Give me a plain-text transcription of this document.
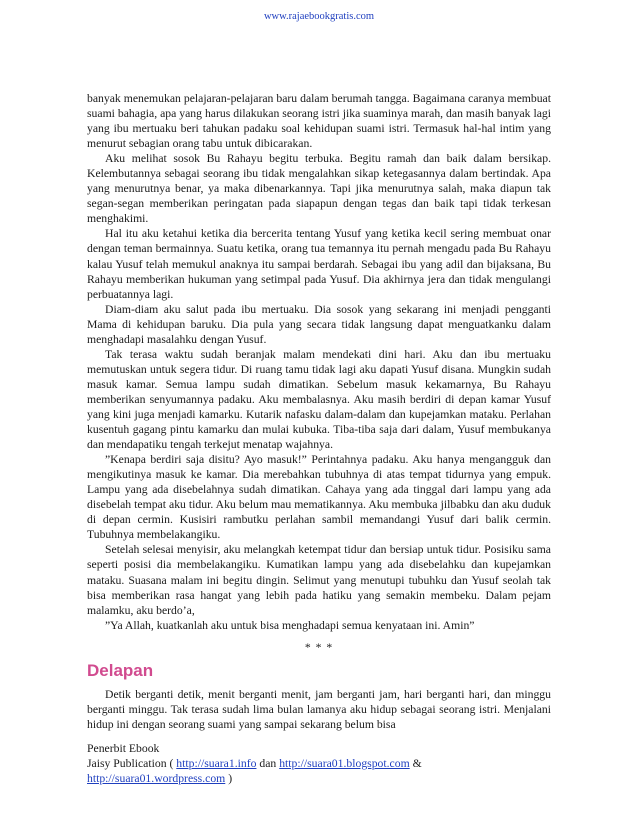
www.rajaebookgratis.com

banyak menemukan pelajaran-pelajaran baru dalam berumah tangga. Bagaimana caranya membuat suami bahagia, apa yang harus dilakukan seorang istri jika suaminya marah, dan masih banyak lagi yang ibu mertuaku beri tahukan padaku soal kehidupan suami istri. Termasuk hal-hal intim yang menurut sebagian orang tabu untuk dibicarakan.

Aku melihat sosok Bu Rahayu begitu terbuka. Begitu ramah dan baik dalam bersikap. Kelembutannya sebagai seorang ibu tidak mengalahkan sikap ketegasannya dalam bertindak. Apa yang menurutnya benar, ya maka dibenarkannya. Tapi jika menurutnya salah, maka diapun tak segan-segan memberikan peringatan pada siapapun dengan tegas dan baik tapi tidak terkesan menghakimi.

Hal itu aku ketahui ketika dia bercerita tentang Yusuf yang ketika kecil sering membuat onar dengan teman bermainnya. Suatu ketika, orang tua temannya itu pernah mengadu pada Bu Rahayu kalau Yusuf telah memukul anaknya itu sampai berdarah. Sebagai ibu yang adil dan bijaksana, Bu Rahayu memberikan hukuman yang setimpal pada Yusuf. Dia akhirnya jera dan tidak mengulangi perbuatannya lagi.

Diam-diam aku salut pada ibu mertuaku. Dia sosok yang sekarang ini menjadi pengganti Mama di kehidupan baruku. Dia pula yang secara tidak langsung dapat menguatkanku dalam menghadapi masalahku dengan Yusuf.

Tak terasa waktu sudah beranjak malam mendekati dini hari. Aku dan ibu mertuaku memutuskan untuk segera tidur. Di ruang tamu tidak lagi aku dapati Yusuf disana. Mungkin sudah masuk kamar. Semua lampu sudah dimatikan. Sebelum masuk kekamarnya, Bu Rahayu memberikan senyumannya padaku. Aku membalasnya. Aku masih berdiri di depan kamar Yusuf yang kini juga menjadi kamarku. Kutarik nafasku dalam-dalam dan kupejamkan mataku. Perlahan kusentuh gagang pintu kamarku dan mulai kubuka. Tiba-tiba saja dari dalam, Yusuf membukanya dan mendapatiku tengah terkejut menatap wajahnya.

”Kenapa berdiri saja disitu? Ayo masuk!” Perintahnya padaku. Aku hanya mengangguk dan mengikutinya masuk ke kamar. Dia merebahkan tubuhnya di atas tempat tidurnya yang empuk. Lampu yang ada disebelahnya sudah dimatikan. Cahaya yang ada tinggal dari lampu yang ada disebelah tempat aku tidur. Aku belum mau mematikannya. Aku membuka jilbabku dan aku duduk di depan cermin. Kusisiri rambutku perlahan sambil memandangi Yusuf dari balik cermin. Tubuhnya membelakangiku.

Setelah selesai menyisir, aku melangkah ketempat tidur dan bersiap untuk tidur. Posisiku sama seperti posisi dia membelakangiku. Kumatikan lampu yang ada disebelahku dan kupejamkan mataku. Suasana malam ini begitu dingin. Selimut yang menutupi tubuhku dan Yusuf seolah tak bisa memberikan rasa hangat yang lebih pada hatiku yang semakin membeku. Dalam pejam malamku, aku berdo’a,

”Ya Allah, kuatkanlah aku untuk bisa menghadapi semua kenyataan ini. Amin”

* * *
Delapan

Detik berganti detik, menit berganti menit, jam berganti jam, hari berganti hari, dan minggu berganti minggu. Tak terasa sudah lima bulan lamanya aku hidup sebagai seorang istri. Menjalani hidup ini dengan seorang suami yang sampai sekarang belum bisa

Penerbit Ebook
Jaisy Publication ( http://suara1.info dan http://suara01.blogspot.com &
http://suara01.wordpress.com )
